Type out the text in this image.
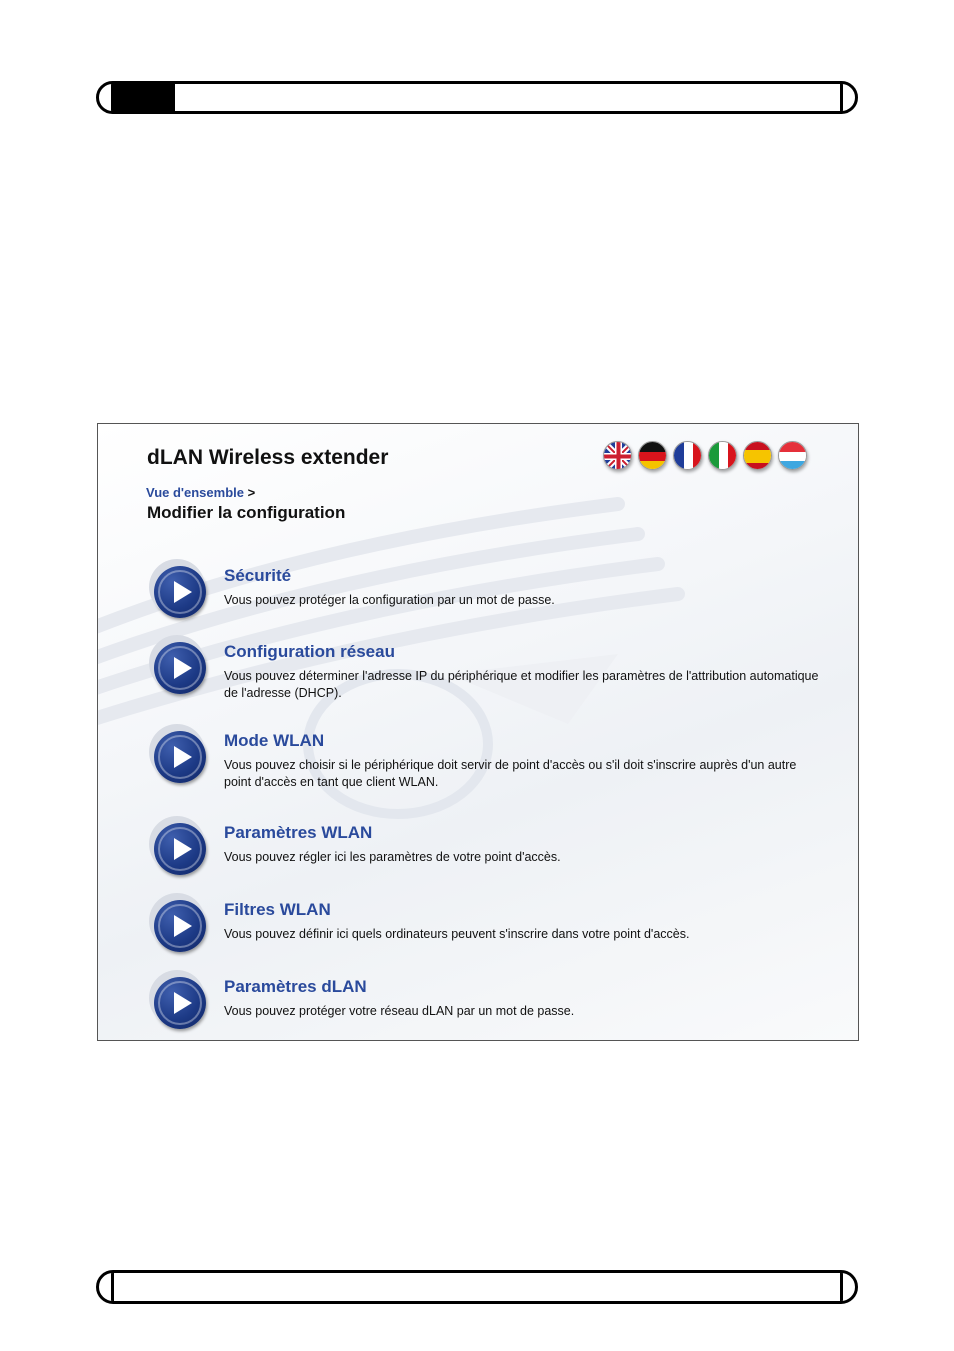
dLAN Wireless extender
Vue d'ensemble >
Modifier la configuration
Sécurité
Vous pouvez protéger la configuration par un mot de passe.
Configuration réseau
Vous pouvez déterminer l'adresse IP du périphérique et modifier les paramètres de l'attribution automatique de l'adresse (DHCP).
Mode WLAN
Vous pouvez choisir si le périphérique doit servir de point d'accès ou s'il doit s'inscrire auprès d'un autre point d'accès en tant que client WLAN.
Paramètres WLAN
Vous pouvez régler ici les paramètres de votre point d'accès.
Filtres WLAN
Vous pouvez définir ici quels ordinateurs peuvent s'inscrire dans votre point d'accès.
Paramètres dLAN
Vous pouvez protéger votre réseau dLAN par un mot de passe.
